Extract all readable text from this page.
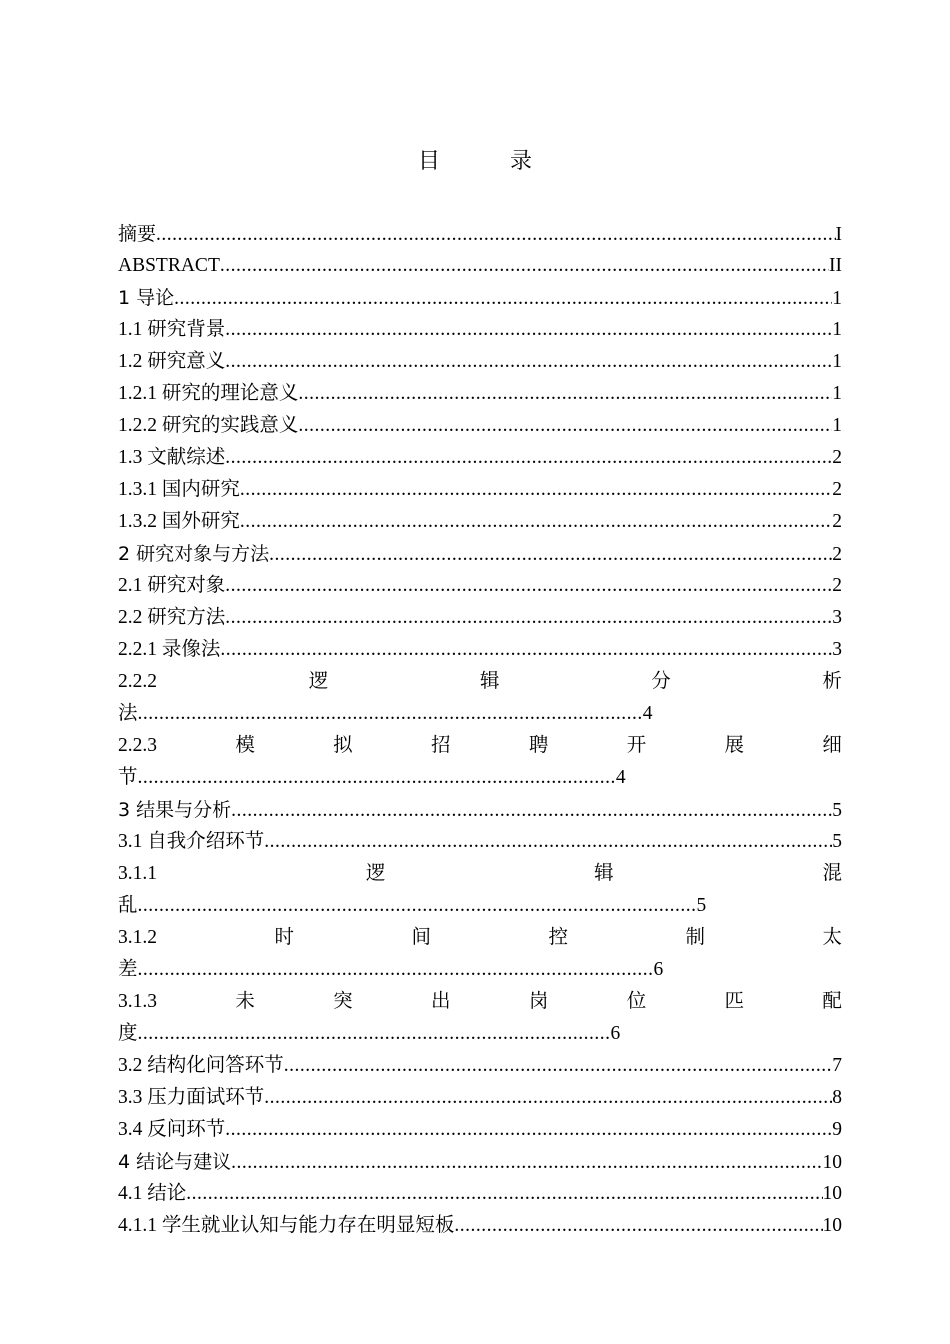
目　录
摘要 .....	I
ABSTRACT .....	II
1 导论 .....	1
1.1 研究背景 .....	1
1.2 研究意义 .....	1
1.2.1 研究的理论意义 .....	1
1.2.2 研究的实践意义 .....	1
1.3 文献综述 .....	2
1.3.1 国内研究 .....	2
1.3.2 国外研究 .....	2
2 研究对象与方法 .....	2
2.1 研究对象 .....	2
2.2 研究方法 .....	3
2.2.1 录像法 .....	3
2.2.2	逻	辑	分	析
法..............................................................................................4
2.2.3	模	拟	招	聘	开	展	细
节.........................................................................................4
3 结果与分析 .....	5
3.1 自我介绍环节 .....	5
3.1.1	逻	辑	混
乱........................................................................................................5
3.1.2	时	间	控	制	太
差................................................................................................6
3.1.3	未	突	出	岗	位	匹	配
度........................................................................................6
3.2 结构化问答环节 .....	7
3.3 压力面试环节 .....	8
3.4 反问环节 .....	9
4 结论与建议 .....	10
4.1 结论 .....	10
4.1.1 学生就业认知与能力存在明显短板 .....	10
